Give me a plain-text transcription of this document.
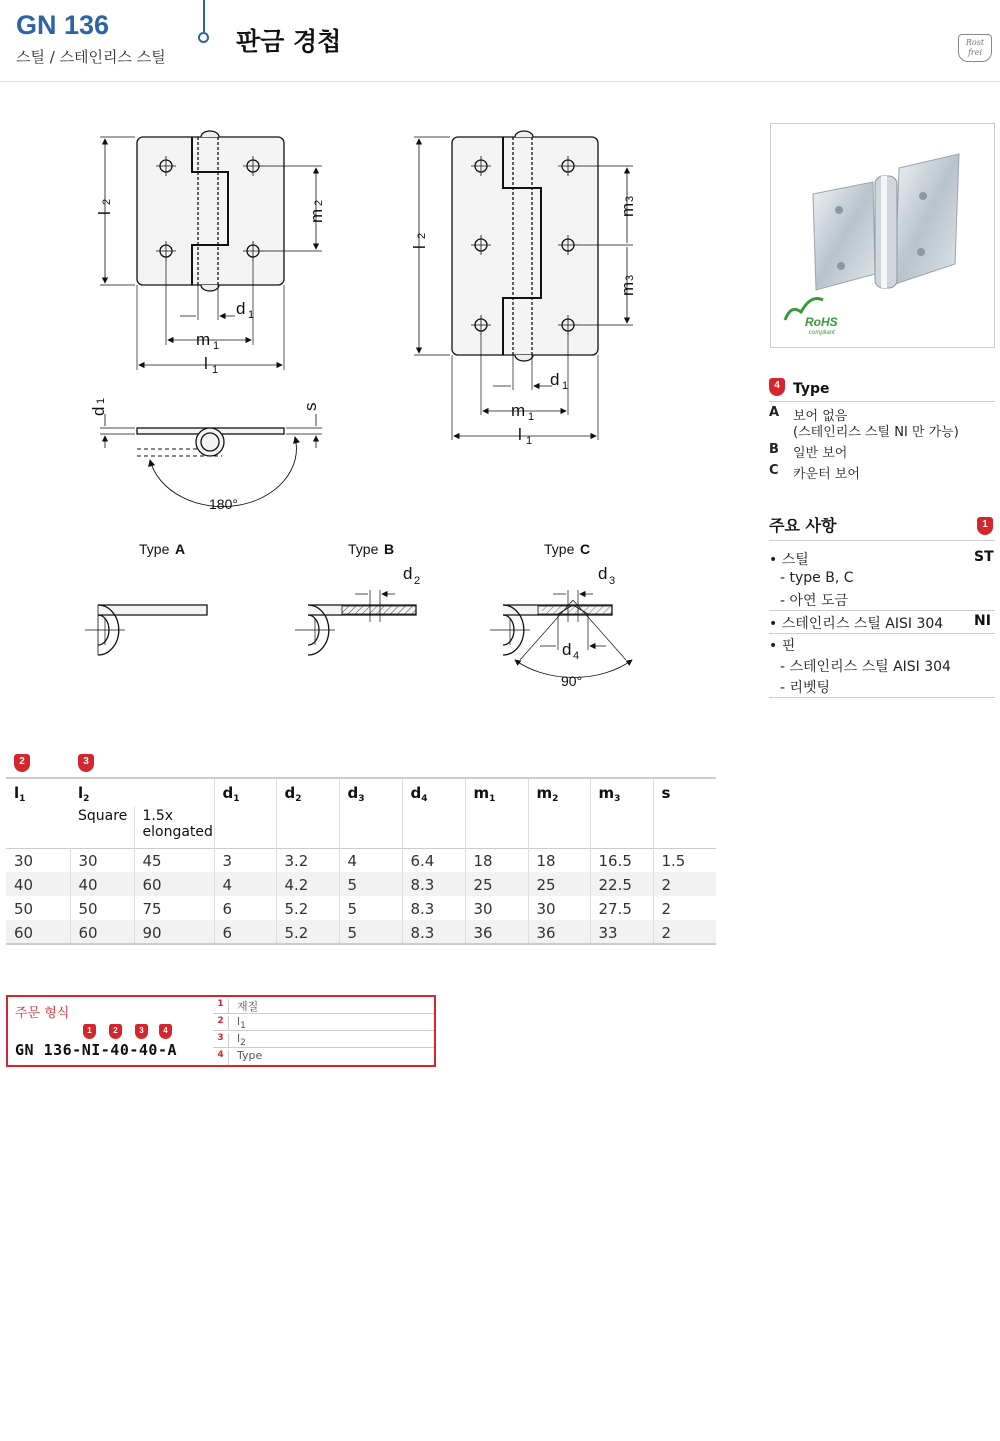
GN 136
스틸 / 스테인리스 스틸
판금 경첩	Rost frei
l
2
m
2
d 1
m 1
l 1
d
1
s
180°
l
2
m
3
m
3
d 1
m 1
l 1
Type A	Type B	Type C
d 2	d 3
d 4
90°
RoHS
compliant
4 Type
A	보어 없음
(스테인리스 스틸 NI 만 가능)
B	일반 보어
C	카운터 보어
주요 사항	1
• 스틸	ST
- type B, C
- 아연 도금
• 스테인리스 스틸 AISI 304 NI
• 핀
- 스테인리스 스틸 AISI 304
- 리벳팅
2	3
$l_1$	$l_2$		$d_1$	$d_2$	$d_3$	$d_4$	$m_1$	$m_2$	$m_3$	s
	Square	1.5x elongated								
30	30	45	3	3.2	4	6.4	18	18	16.5	1.5
40	40	60	4	4.2	5	8.3	25	25	22.5	2
50	50	75	6	5.2	5	8.3	30	30	27.5	2
60	60	90	6	5.2	5	8.3	36	36	33	2
주문 형식
1	2	3	4
GN 136-NI-40-40-A
1	재질
2	$l_1$
3	$l_2$
4	Type
